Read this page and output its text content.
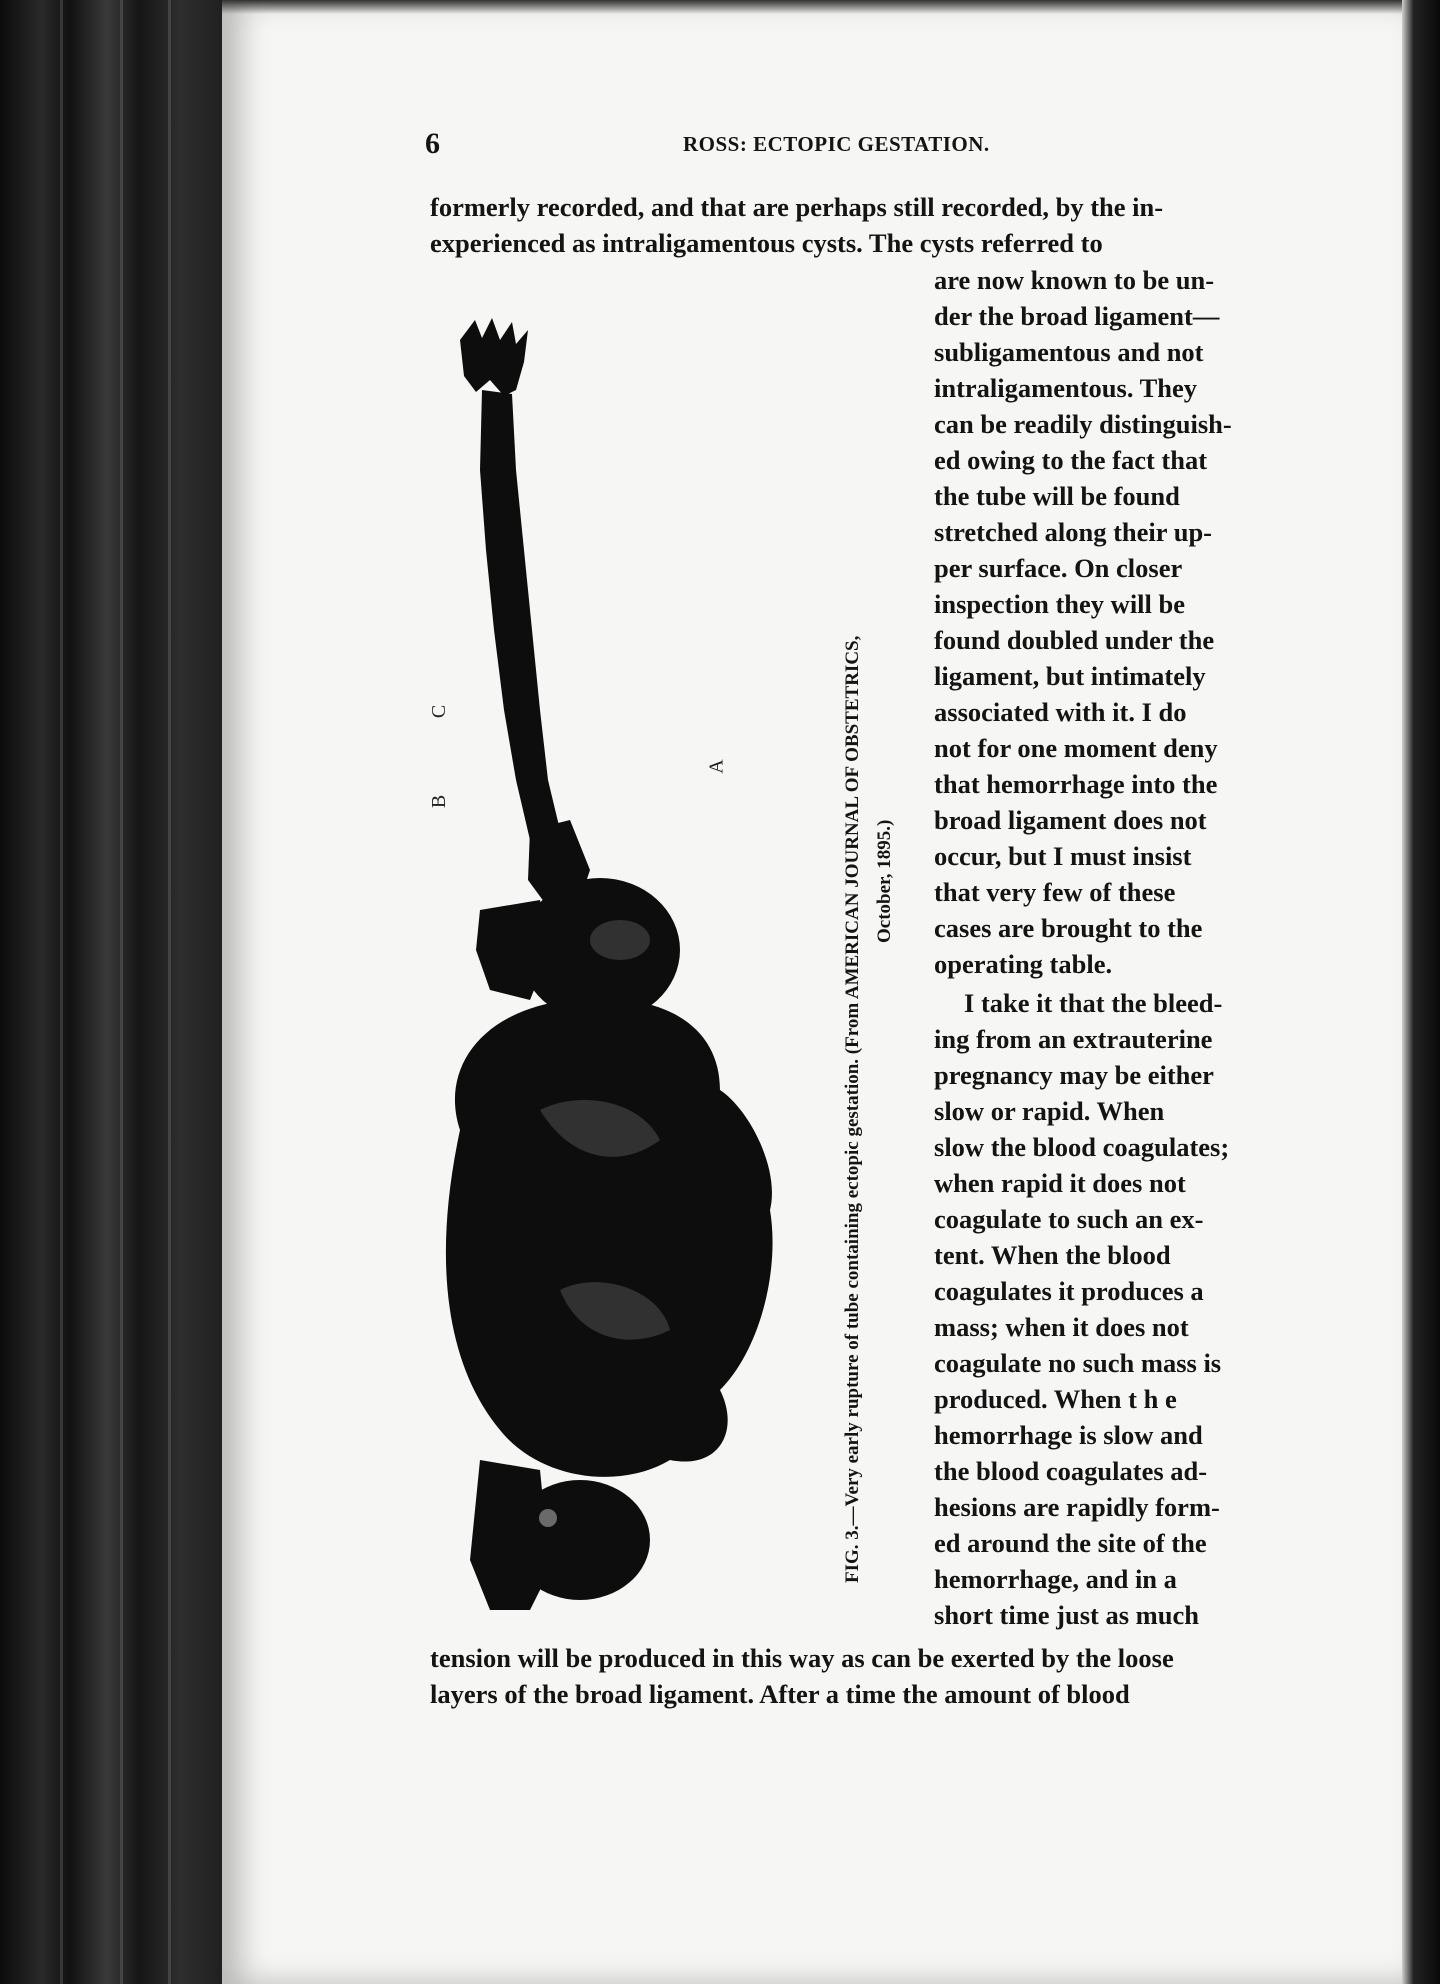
6	ROSS: ECTOPIC GESTATION.
formerly recorded, and that are perhaps still recorded, by the in-
experienced as intraligamentous cysts. The cysts referred to
are now known to be un-
der the broad ligament—
subligamentous and not
intraligamentous. They
can be readily distinguish-
ed owing to the fact that
the tube will be found
stretched along their up-
per surface. On closer
inspection they will be
found doubled under the
ligament, but intimately
associated with it. I do
not for one moment deny
that hemorrhage into the
broad ligament does not
occur, but I must insist
that very few of these
cases are brought to the
operating table.
I take it that the bleed-
ing from an extrauterine
pregnancy may be either
slow or rapid. When
slow the blood coagulates;
when rapid it does not
coagulate to such an ex-
tent. When the blood
coagulates it produces a
mass; when it does not
coagulate no such mass is
produced. When t h e
hemorrhage is slow and
the blood coagulates ad-
hesions are rapidly form-
ed around the site of the
hemorrhage, and in a
short time just as much
tension will be produced in this way as can be exerted by the loose
layers of the broad ligament. After a time the amount of blood
B
C
A	FIG. 3.—Very early rupture of tube containing ectopic gestation. (From AMERICAN JOURNAL OF OBSTETRICS, October, 1895.)
